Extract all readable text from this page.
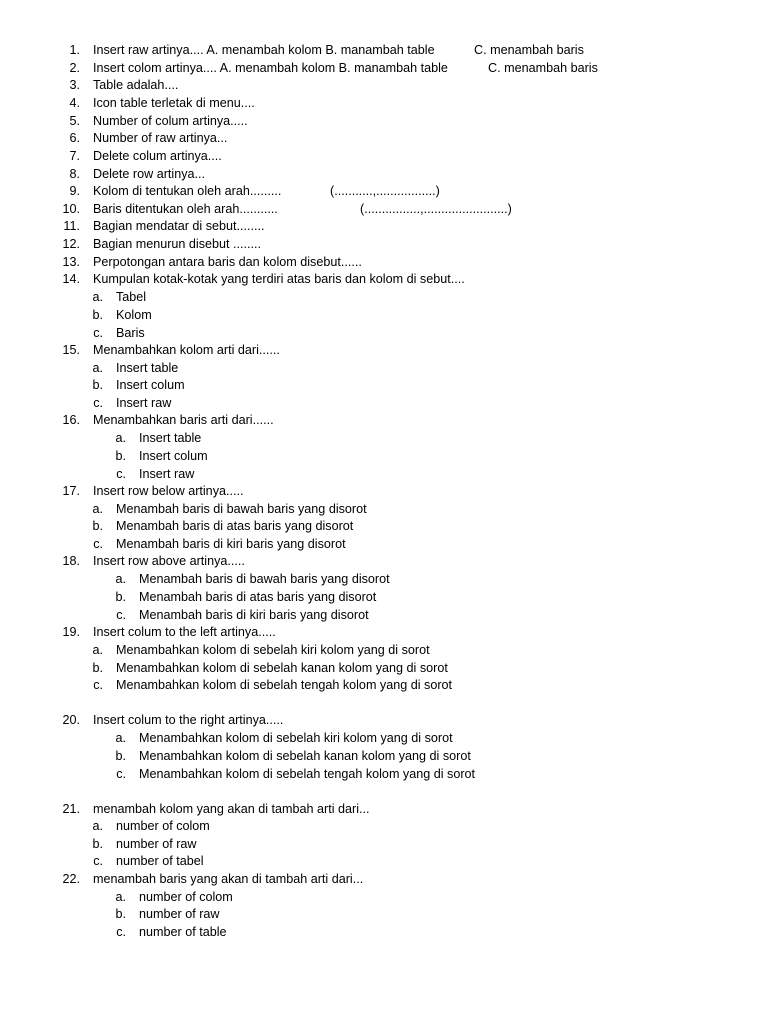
1. Insert raw artinya.... A. menambah kolom B. manambah table	C. menambah baris
2. Insert colom artinya.... A. menambah kolom B. manambah table	C. menambah baris
3. Table adalah....
4. Icon table terletak di menu....
5. Number of colum artinya.....
6. Number of raw artinya...
7. Delete colum artinya....
8. Delete row artinya...
9. Kolom di tentukan oleh arah.........	(...........,.................)
10. Baris ditentukan oleh arah...........	(................,........................)
11. Bagian mendatar di sebut........
12. Bagian menurun disebut ........
13. Perpotongan antara baris dan kolom disebut......
14. Kumpulan kotak-kotak yang terdiri atas baris dan kolom di sebut....
a. Tabel
b. Kolom
c. Baris
15. Menambahkan kolom arti dari......
a. Insert table
b. Insert colum
c. Insert raw
16. Menambahkan baris arti dari......
a. Insert table
b. Insert colum
c. Insert raw
17. Insert row below artinya.....
a. Menambah baris di bawah baris yang disorot
b. Menambah baris di atas baris yang disorot
c. Menambah baris di kiri baris yang disorot
18. Insert row above artinya.....
a. Menambah baris di bawah baris yang disorot
b. Menambah baris di atas baris yang disorot
c. Menambah baris di kiri baris yang disorot
19. Insert colum to the left artinya.....
a. Menambahkan kolom di sebelah kiri kolom yang di sorot
b. Menambahkan kolom di sebelah kanan kolom yang di sorot
c. Menambahkan kolom di sebelah tengah kolom yang di sorot
20. Insert colum to the right artinya.....
a. Menambahkan kolom di sebelah kiri kolom yang di sorot
b. Menambahkan kolom di sebelah kanan kolom yang di sorot
c. Menambahkan kolom di sebelah tengah kolom yang di sorot
21. menambah kolom yang akan di tambah arti dari...
a. number of colom
b. number of raw
c. number of tabel
22. menambah baris yang akan di tambah arti dari...
a. number of colom
b. number of raw
c. number of table
